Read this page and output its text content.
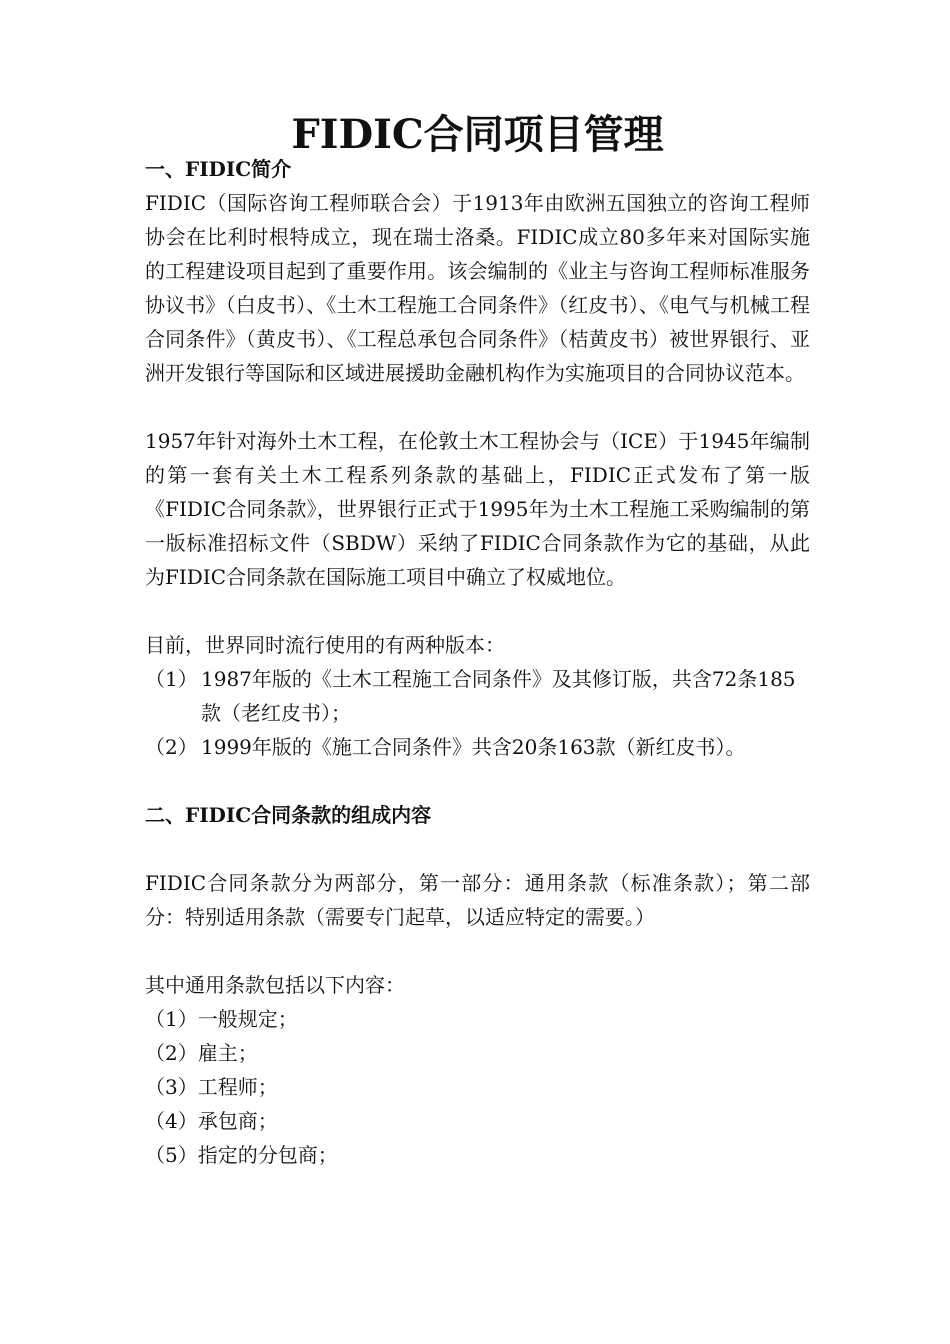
FIDIC合同项目管理
一、FIDIC简介

FIDIC（国际咨询工程师联合会）于1913年由欧洲五国独立的咨询工程师协会在比利时根特成立，现在瑞士洛桑。FIDIC成立80多年来对国际实施的工程建设项目起到了重要作用。该会编制的《业主与咨询工程师标准服务协议书》（白皮书）、《土木工程施工合同条件》（红皮书）、《电气与机械工程合同条件》（黄皮书）、《工程总承包合同条件》（桔黄皮书）被世界银行、亚洲开发银行等国际和区域进展援助金融机构作为实施项目的合同协议范本。

1957年针对海外土木工程，在伦敦土木工程协会与（ICE）于1945年编制的第一套有关土木工程系列条款的基础上，FIDIC正式发布了第一版《FIDIC合同条款》，世界银行正式于1995年为土木工程施工采购编制的第一版标准招标文件（SBDW）采纳了FIDIC合同条款作为它的基础，从此为FIDIC合同条款在国际施工项目中确立了权威地位。

目前，世界同时流行使用的有两种版本：

（1） 1987年版的《土木工程施工合同条件》及其修订版，共含72条185款（老红皮书）；
（2） 1999年版的《施工合同条件》共含20条163款（新红皮书）。
二、FIDIC合同条款的组成内容

FIDIC合同条款分为两部分，第一部分：通用条款（标准条款）；第二部分：特别适用条款（需要专门起草，以适应特定的需要。）

其中通用条款包括以下内容：

（1）一般规定；

（2）雇主；

（3）工程师；

（4）承包商；

（5）指定的分包商；
